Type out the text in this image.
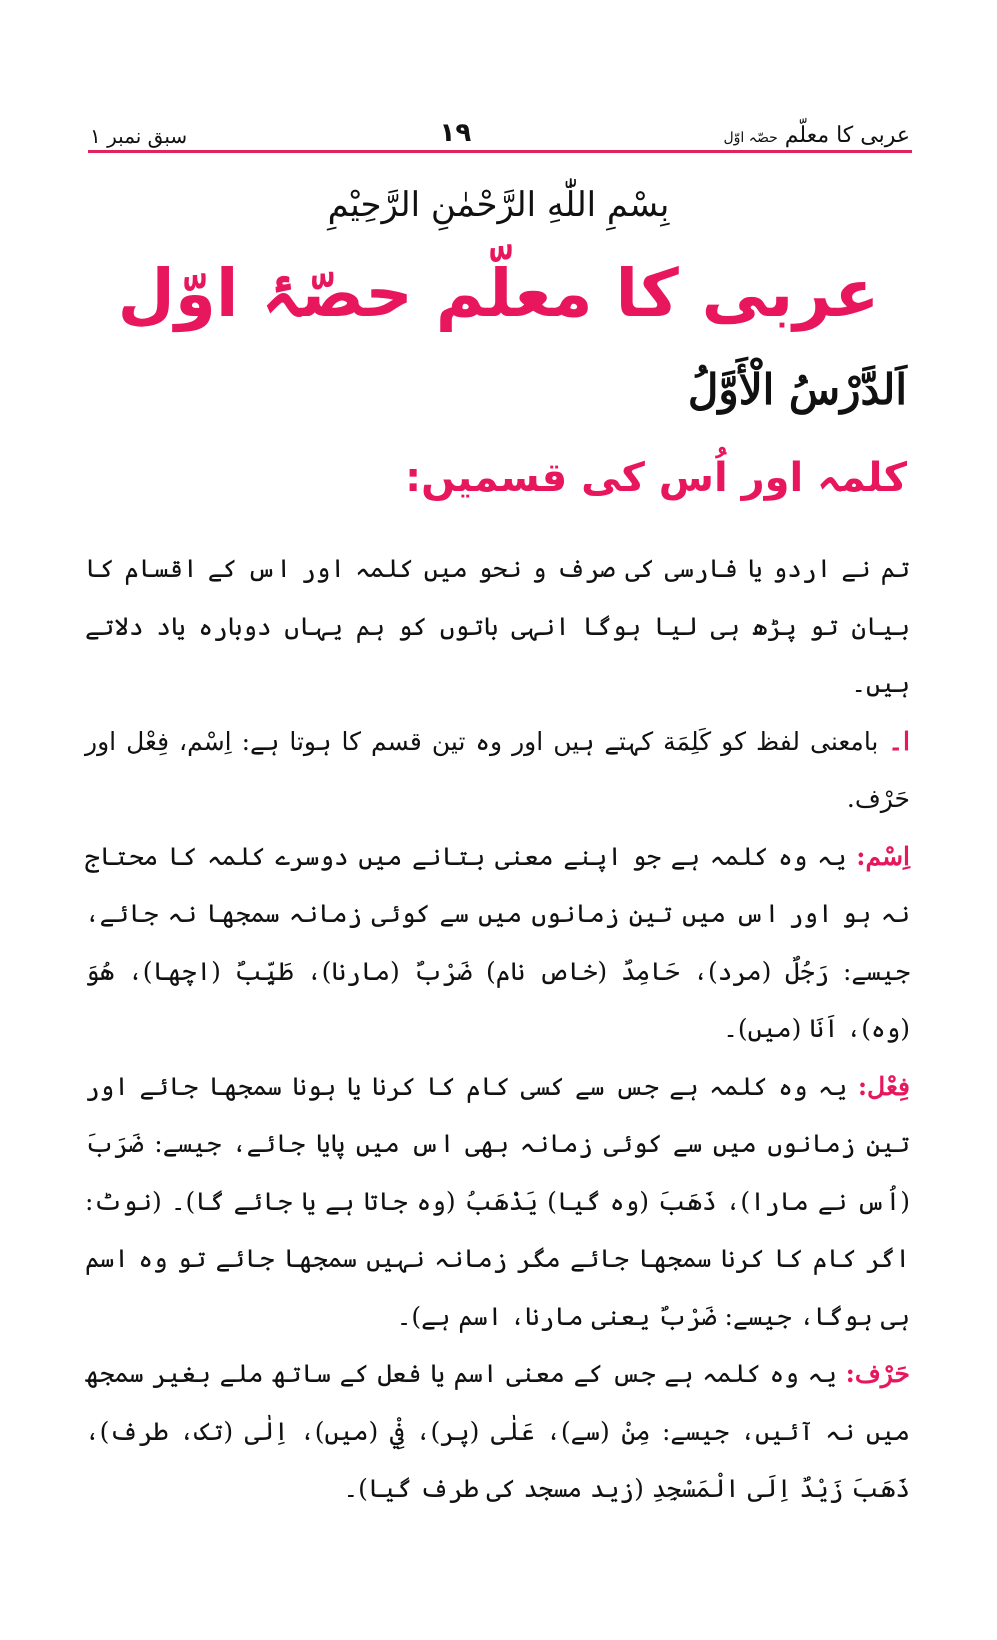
عربی کا معلّم حصّہ اوّل
۱۹
سبق نمبر ۱
بِسْمِ اللّٰهِ الرَّحْمٰنِ الرَّحِيْمِ
عربی کا معلّم حصّۂ اوّل
اَلدَّرْسُ الْأَوَّلُ
کلمہ اور اُس کی قسمیں:

تم نے اردو یا فارسی کی صرف و نحو میں کلمہ اور اس کے اقسام کا بیان تو پڑھ ہی لیا ہوگا انہی باتوں کو ہم یہاں دوبارہ یاد دلاتے ہیں۔

ا۔ بامعنی لفظ کو کَلِمَة کہتے ہیں اور وہ تین قسم کا ہوتا ہے: اِسْم، فِعْل اور حَرْف.

اِسْم: یہ وہ کلمہ ہے جو اپنے معنی بتانے میں دوسرے کلمہ کا محتاج نہ ہو اور اس میں تین زمانوں میں سے کوئی زمانہ سمجھا نہ جائے، جیسے: رَجُلٌ (مرد)، حَامِدٌ (خاص نام) ضَرْبٌ (مارنا)، طَيِّبٌ (اچھا)، هُوَ (وہ)، اَنَا (میں)۔

فِعْل: یہ وہ کلمہ ہے جس سے کسی کام کا کرنا یا ہونا سمجھا جائے اور تین زمانوں میں سے کوئی زمانہ بھی اس میں پایا جائے، جیسے: ضَرَبَ (اُس نے مارا)، ذَهَبَ (وہ گیا) يَذْهَبُ (وہ جاتا ہے یا جائے گا)۔ (نوٹ: اگر کام کا کرنا سمجھا جائے مگر زمانہ نہیں سمجھا جائے تو وہ اسم ہی ہوگا، جیسے: ضَرْبٌ یعنی مارنا، اسم ہے)۔

حَرْف: یہ وہ کلمہ ہے جس کے معنی اسم یا فعل کے ساتھ ملے بغیر سمجھ میں نہ آئیں، جیسے: مِنْ (سے)، عَلٰى (پر)، فِيْ (میں)، اِلٰى (تک، طرف)، ذَهَبَ زَيْدٌ اِلَى الْمَسْجِدِ (زید مسجد کی طرف گیا)۔
